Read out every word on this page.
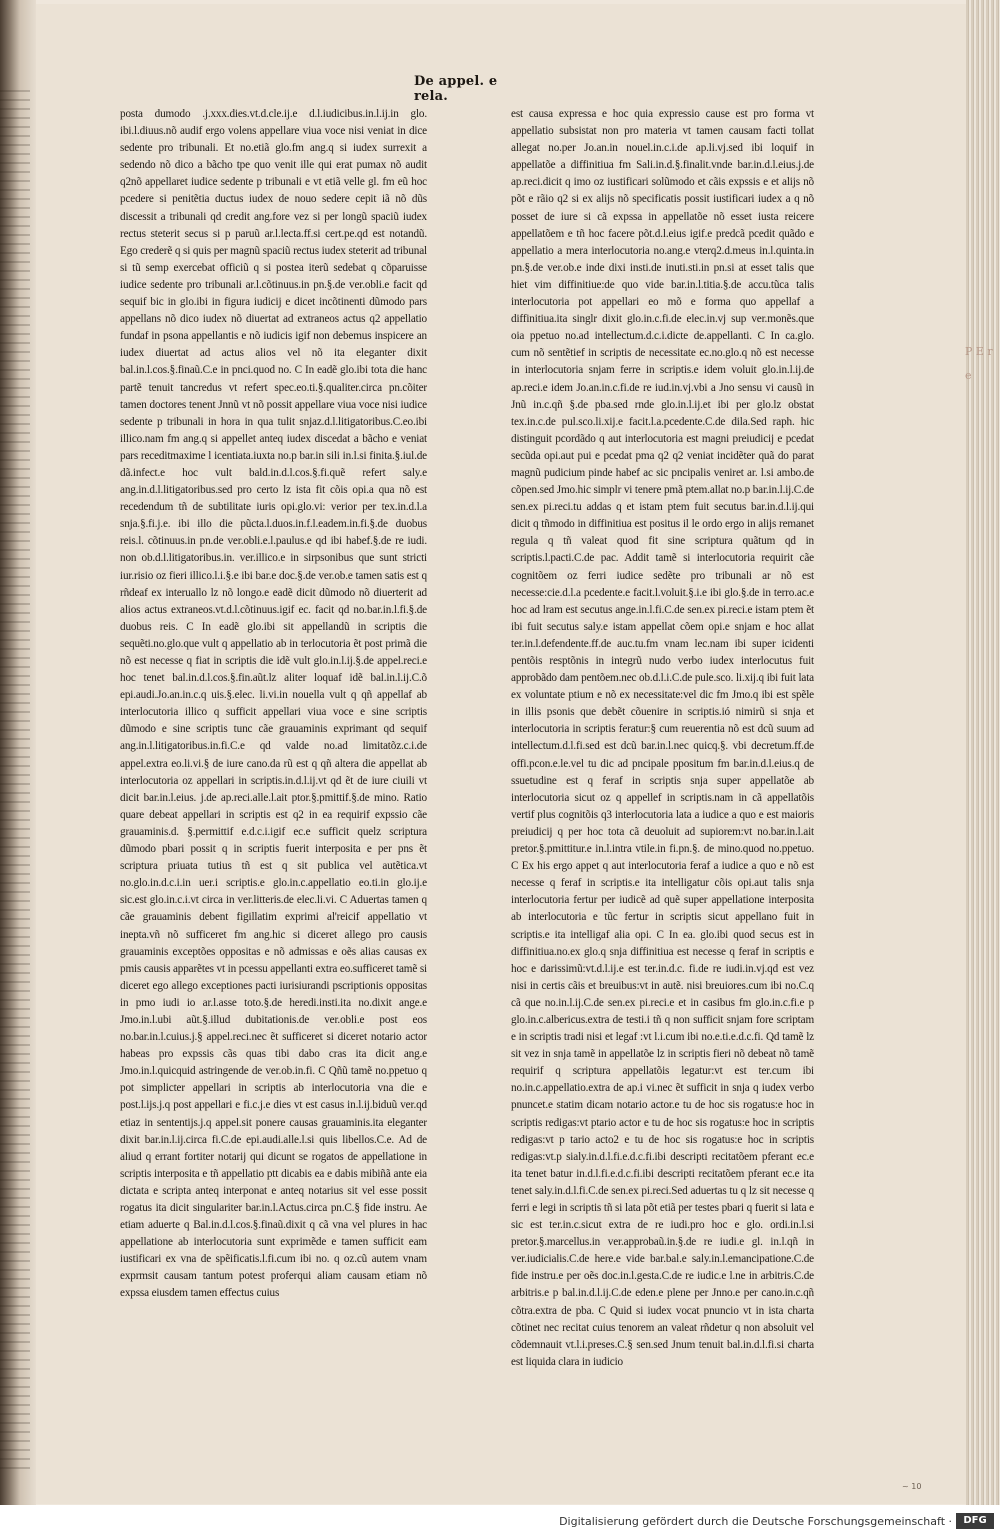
De appel. e rela.

posta dumodo .j.xxx.dies.vt.d.cle.ij.e d.l.iudicibus.in.l.ij.in glo. ibi.l.diuus.nõ audif ergo volens appellare viua voce nisi veniat in dice sedente pro tribunali. Et no.etiã glo.fm ang.q si iudex surrexit a sedendo nõ dico a bãcho tpe quo venit ille qui erat pumax nõ audit q2nõ appellaret iudice sedente p tribunali e vt etiã velle gl. fm eũ hoc pcedere si penitẽtia ductus iudex de nouo sedere cepit iã nõ dũs discessit a tribunali qd credit ang.fore vez si per longũ spaciũ iudex rectus steterit secus si p paruũ ar.l.lecta.ff.si cert.pe.qd est notandũ. Ego crederẽ q si quis per magnũ spaciũ rectus iudex steterit ad tribunal si tũ semp exercebat officiũ q si postea iterũ sedebat q cõparuisse iudice sedente pro tribunali ar.l.cõtinuus.in pn.§.de ver.obli.e facit qd sequif bic in glo.ibi in figura iudicij e dicet incõtinenti dũmodo pars appellans nõ dico iudex nõ diuertat ad extraneos actus q2 appellatio fundaf in psona appellantis e nõ iudicis igif non debemus inspicere an iudex diuertat ad actus alios vel nõ ita eleganter dixit bal.in.l.cos.§.finaũ.C.e in pnci.quod no. C In eadẽ glo.ibi tota die hanc partẽ tenuit tancredus vt refert spec.eo.ti.§.qualiter.circa pn.cõiter tamen doctores tenent Jnnũ vt nõ possit appellare viua voce nisi iudice sedente p tribunali in hora in qua tulit snjaz.d.l.litigatoribus.C.eo.ibi illico.nam fm ang.q si appellet anteq iudex discedat a bãcho e veniat pars receditmaxime l icentiata.iuxta no.p bar.in sili in.l.si finita.§.iul.de dã.infect.e hoc vult bald.in.d.l.cos.§.fi.quẽ refert saly.e ang.in.d.l.litigatoribus.sed pro certo lz ista fit cõis opi.a qua nõ est recedendum tñ de subtilitate iuris opi.glo.vi: verior per tex.in.d.l.a snja.§.fi.j.e. ibi illo die pũcta.l.duos.in.f.l.eadem.in.fi.§.de duobus reis.l. cõtinuus.in pn.de ver.obli.e.l.paulus.e qd ibi habef.§.de re iudi. non ob.d.l.litigatoribus.in. ver.illico.e in sirpsonibus que sunt stricti iur.risio oz fieri illico.l.i.§.e ibi bar.e doc.§.de ver.ob.e tamen satis est q rñdeaf ex interuallo lz nõ longo.e eadẽ dicit dũmodo nõ diuerterit ad alios actus extraneos.vt.d.l.cõtinuus.igif ec. facit qd no.bar.in.l.fi.§.de duobus reis. C In eadẽ glo.ibi sit appellandũ in scriptis die sequẽti.no.glo.que vult q appellatio ab in terlocutoria ẽt post primã die nõ est necesse q fiat in scriptis die idẽ vult glo.in.l.ij.§.de appel.reci.e hoc tenet bal.in.d.l.cos.§.fin.aũt.lz aliter loquaf idẽ bal.in.l.ij.C.õ epi.audi.Jo.an.in.c.q uis.§.elec. li.vi.in nouella vult q qñ appellaf ab interlocutoria illico q sufficit appellari viua voce e sine scriptis dũmodo e sine scriptis tunc cãe grauaminis exprimant qd sequif ang.in.l.litigatoribus.in.fi.C.e qd valde no.ad limitatõz.c.i.de appel.extra eo.li.vi.§ de iure cano.da rũ est q qñ altera die appellat ab interlocutoria oz appellari in scriptis.in.d.l.ij.vt qd ẽt de iure ciuili vt dicit bar.in.l.eius. j.de ap.reci.alle.l.ait ptor.§.pmittif.§.de mino. Ratio quare debeat appellari in scriptis est q2 in ea requirif expssio cãe grauaminis.d. §.permittif e.d.c.i.igif ec.e sufficit quelz scriptura dũmodo pbari possit q in scriptis fuerit interposita e per pns ẽt scriptura priuata tutius tñ est q sit publica vel autẽtica.vt no.glo.in.d.c.i.in uer.i scriptis.e glo.in.c.appellatio eo.ti.in glo.ij.e sic.est glo.in.c.i.vt circa in ver.litteris.de elec.li.vi. C Aduertas tamen q cãe grauaminis debent figillatim exprimi al'reicif appellatio vt inepta.vñ nõ sufficeret fm ang.hic si diceret allego pro causis grauaminis exceptões oppositas e nõ admissas e oẽs alias causas ex pmis causis apparẽtes vt in pcessu appellanti extra eo.sufficeret tamẽ si diceret ego allego exceptiones pacti iurisiurandi pscriptionis oppositas in pmo iudi io ar.l.asse toto.§.de heredi.insti.ita no.dixit ange.e Jmo.in.l.ubi aũt.§.illud dubitationis.de ver.obli.e post eos no.bar.in.l.cuius.j.§ appel.reci.nec ẽt sufficeret si diceret notario actor habeas pro expssis cãs quas tibi dabo cras ita dicit ang.e Jmo.in.l.quicquid astringende de ver.ob.in.fi. C Qñũ tamẽ no.ppetuo q pot simplicter appellari in scriptis ab interlocutoria vna die e post.l.ijs.j.q post appellari e fi.c.j.e dies vt est casus in.l.ij.biduũ ver.qd etiaz in sententijs.j.q appel.sit ponere causas grauaminis.ita eleganter dixit bar.in.l.ij.circa fi.C.de epi.audi.alle.l.si quis libellos.C.e. Ad de aliud q errant fortiter notarij qui dicunt se rogatos de appellatione in scriptis interposita e tñ appellatio ptt dicabis ea e dabis mibiñã ante eia dictata e scripta anteq interponat e anteq notarius sit vel esse possit rogatus ita dicit singulariter bar.in.l.Actus.circa pn.C.§ fide instru. Ae etiam aduerte q Bal.in.d.l.cos.§.finaũ.dixit q cã vna vel plures in hac appellatione ab interlocutoria sunt exprimẽde e tamen sufficit eam iustificari ex vna de spẽificatis.l.fi.cum ibi no. q oz.cũ autem vnam exprmsit causam tantum potest proferqui aliam causam etiam nõ expssa eiusdem tamen effectus cuius

est causa expressa e hoc quia expressio cause est pro forma vt appellatio subsistat non pro materia vt tamen causam facti tollat allegat no.per Jo.an.in nouel.in.c.i.de ap.li.vj.sed ibi loquif in appellatõe a diffinitiua fm Sali.in.d.§.finalit.vnde bar.in.d.l.eius.j.de ap.reci.dicit q imo oz iustificari solũmodo et cãis expssis e et alijs nõ põt e rãio q2 si ex alijs nõ specificatis possit iustificari iudex a q nõ posset de iure si cã expssa in appellatõe nõ esset iusta reicere appellatõem e tñ hoc facere põt.d.l.eius igif.e predcã pcedit quãdo e appellatio a mera interlocutoria no.ang.e vterq2.d.meus in.l.quinta.in pn.§.de ver.ob.e inde dixi insti.de inuti.sti.in pn.si at esset talis que hiet vim diffinitiue:de quo vide bar.in.l.titia.§.de accu.tũca talis interlocutoria pot appellari eo mõ e forma quo appellaf a diffinitiua.ita singlr dixit glo.in.c.fi.de elec.in.vj sup ver.monẽs.que oia ppetuo no.ad intellectum.d.c.i.dicte de.appellanti. C In ca.glo. cum nõ sentẽtief in scriptis de necessitate ec.no.glo.q nõ est necesse in interlocutoria snjam ferre in scriptis.e idem voluit glo.in.l.ij.de ap.reci.e idem Jo.an.in.c.fi.de re iud.in.vj.vbi a Jno sensu vi causũ in Jnũ in.c.qñ §.de pba.sed rnde glo.in.l.ij.et ibi per glo.lz obstat tex.in.c.de pul.sco.li.xij.e facit.l.a.pcedente.C.de dila.Sed raph. hic distinguit pcordãdo q aut interlocutoria est magni preiudicij e pcedat secũda opi.aut pui e pcedat pma q2 q2 veniat incidẽter quã do parat magnũ pudicium pinde habef ac sic pncipalis veniret ar. l.si ambo.de cõpen.sed Jmo.hic simplr vi tenere pmã ptem.allat no.p bar.in.l.ij.C.de sen.ex pi.reci.tu addas q et istam ptem fuit secutus bar.in.d.l.ij.qui dicit q tñmodo in diffinitiua est positus il le ordo ergo in alijs remanet regula q tñ valeat quod fit sine scriptura quãtum qd in scriptis.l.pacti.C.de pac. Addit tamẽ si interlocutoria requirit cãe cognitõem oz ferri iudice sedẽte pro tribunali ar nõ est necesse:cie.d.l.a pcedente.e facit.l.voluit.§.i.e ibi glo.§.de in terro.ac.e hoc ad lram est secutus ange.in.l.fi.C.de sen.ex pi.reci.e istam ptem ẽt ibi fuit secutus saly.e istam appellat cõem opi.e snjam e hoc allat ter.in.l.defendente.ff.de auc.tu.fm vnam lec.nam ibi super icidenti pentõis resptõnis in integrũ nudo verbo iudex interlocutus fuit approbãdo dam pentõem.nec ob.d.l.i.C.de pule.sco. li.xij.q ibi fuit lata ex voluntate ptium e nõ ex necessitate:vel dic fm Jmo.q ibi est spẽle in illis psonis que debẽt cõuenire in scriptis.ió nimirũ si snja et interlocutoria in scriptis feratur:§ cum reuerentia nõ est dcũ suum ad intellectum.d.l.fi.sed est dcũ bar.in.l.nec quicq.§. vbi decretum.ff.de offi.pcon.e.le.vel tu dic ad pncipale ppositum fm bar.in.d.l.eius.q de ssuetudine est q feraf in scriptis snja super appellatõe ab interlocutoria sicut oz q appellef in scriptis.nam in cã appellatõis vertif plus cognitõis q3 interlocutoria lata a iudice a quo e est maioris preiudicij q per hoc tota cã deuoluit ad supiorem:vt no.bar.in.l.ait pretor.§.pmittitur.e in.l.intra vtile.in fi.pn.§. de mino.quod no.ppetuo. C Ex his ergo appet q aut interlocutoria feraf a iudice a quo e nõ est necesse q feraf in scriptis.e ita intelligatur cõis opi.aut talis snja interlocutoria fertur per iudicẽ ad quẽ super appellatione interposita ab interlocutoria e tũc fertur in scriptis sicut appellano fuit in scriptis.e ita intelligaf alia opi. C In ea. glo.ibi quod secus est in diffinitiua.no.ex glo.q snja diffinitiua est necesse q feraf in scriptis e hoc e darissimũ:vt.d.l.ij.e est ter.in.d.c. fi.de re iudi.in.vj.qd est vez nisi in certis cãis et breuibus:vt in autẽ. nisi breuiores.cum ibi no.C.q cã que no.in.l.ij.C.de sen.ex pi.reci.e et in casibus fm glo.in.c.fi.e p glo.in.c.albericus.extra de testi.i tñ q non sufficit snjam fore scriptam e in scriptis tradi nisi et legaf :vt l.i.cum ibi no.e.ti.e.d.c.fi. Qd tamẽ lz sit vez in snja tamẽ in appellatõe lz in scriptis fieri nõ debeat nõ tamẽ requirif q scriptura appellatõis legatur:vt est ter.cum ibi no.in.c.appellatio.extra de ap.i vi.nec ẽt sufficit in snja q iudex verbo pnuncet.e statim dicam notario actor.e tu de hoc sis rogatus:e hoc in scriptis redigas:vt ptario actor e tu de hoc sis rogatus:e hoc in scriptis redigas:vt p tario acto2 e tu de hoc sis rogatus:e hoc in scriptis redigas:vt.p sialy.in.d.l.fi.e.d.c.fi.ibi descripti recitatõem pferant ec.e ita tenet batur in.d.l.fi.e.d.c.fi.ibi descripti recitatõem pferant ec.e ita tenet saly.in.d.l.fi.C.de sen.ex pi.reci.Sed aduertas tu q lz sit necesse q ferri e legi in scriptis tñ si lata põt etiã per testes pbari q fuerit si lata e sic est ter.in.c.sicut extra de re iudi.pro hoc e glo. ordi.in.l.si pretor.§.marcellus.in ver.approbaũ.in.§.de re iudi.e gl. in.l.qñ in ver.iudicialis.C.de here.e vide bar.bal.e saly.in.l.emancipatione.C.de fide instru.e per oẽs doc.in.l.gesta.C.de re iudic.e l.ne in arbitris.C.de arbitris.e p bal.in.d.l.ij.C.de eden.e plene per Jnno.e per cano.in.c.qñ cõtra.extra de pba. C Quid si iudex vocat pnuncio vt in ista charta cõtinet nec recitat cuius tenorem an valeat rñdetur q non absoluit vel cõdemnauit vt.l.i.preses.C.§ sen.sed Jnum tenuit bal.in.d.l.fi.si charta est liquida clara in iudicio

~ 10
P E r e
Digitalisierung gefördert durch die Deutsche Forschungsgemeinschaft ·	DFG
